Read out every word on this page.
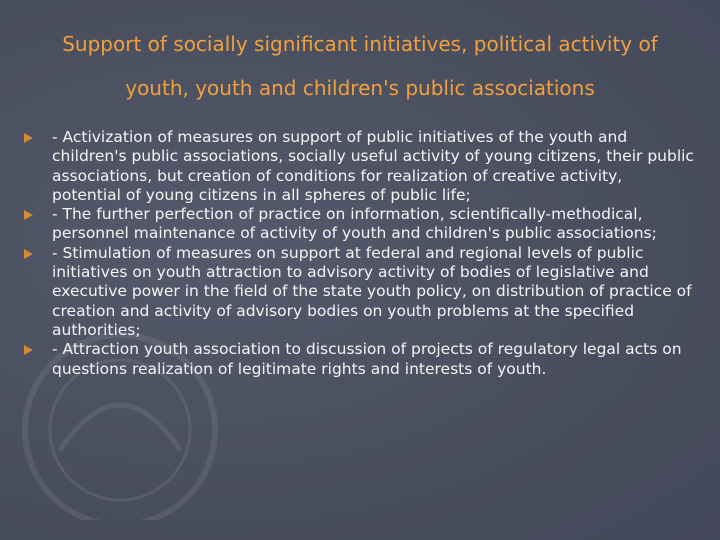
Support of socially significant initiatives, political activity of
youth, youth and children's public associations
- Activization of measures on support of public initiatives of the youth and children's public associations, socially useful activity of young citizens, their public associations, but creation of conditions for realization of creative activity, potential of young citizens in all spheres of public life;
- The further perfection of practice on information, scientifically-methodical, personnel maintenance of activity of youth and children's public associations;
- Stimulation of measures on support at federal and regional levels of public initiatives on youth attraction to advisory activity of bodies of legislative and executive power in the field of the state youth policy, on distribution of practice of creation and activity of advisory bodies on youth problems at the specified authorities;
- Attraction youth association to discussion of projects of regulatory legal acts on questions realization of legitimate rights and interests of youth.
